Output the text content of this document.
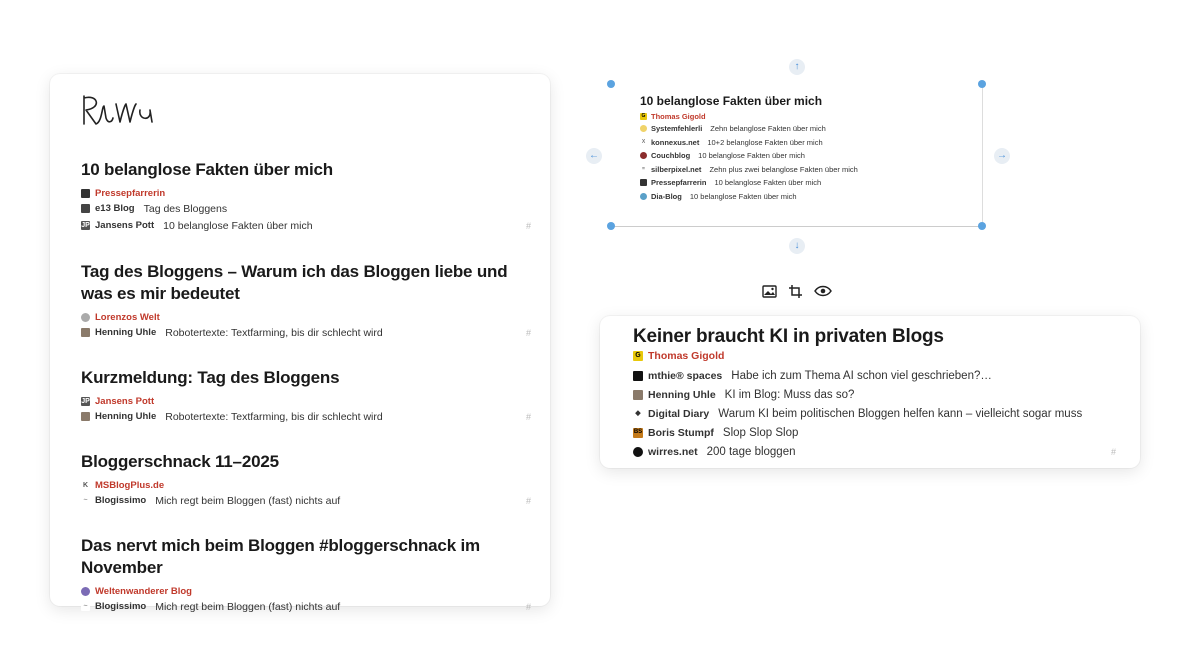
10 belanglose Fakten über mich
Pressepfarrerin
e13 Blog Tag des Bloggens
JP Jansens Pott 10 belanglose Fakten über mich	#
Tag des Bloggens – Warum ich das Bloggen liebe und was es mir bedeutet
Lorenzos Welt
Henning Uhle Robotertexte: Textfarming, bis dir schlecht wird	#
Kurzmeldung: Tag des Bloggens
JP Jansens Pott
Henning Uhle Robotertexte: Textfarming, bis dir schlecht wird	#
Bloggerschnack 11–2025
K MSBlogPlus.de
~ Blogissimo Mich regt beim Bloggen (fast) nichts auf	#
Das nervt mich beim Bloggen #bloggerschnack im November
Weltenwanderer Blog
~ Blogissimo Mich regt beim Bloggen (fast) nichts auf	#
10 belanglose Fakten über mich
G Thomas Gigold
Systemfehlerli Zehn belanglose Fakten über mich
X konnexus.net 10+2 belanglose Fakten über mich
Couchblog 10 belanglose Fakten über mich
= silberpixel.net Zehn plus zwei belanglose Fakten über mich
Pressepfarrerin 10 belanglose Fakten über mich
Dia-Blog 10 belanglose Fakten über mich
↑
↓
←	→
Keiner braucht KI in privaten Blogs
G Thomas Gigold
mthie® spaces Habe ich zum Thema AI schon viel geschrieben?…
Henning Uhle KI im Blog: Muss das so?
◆ Digital Diary Warum KI beim politischen Bloggen helfen kann – vielleicht sogar muss
BS Boris Stumpf Slop Slop Slop
wirres.net 200 tage bloggen	#
